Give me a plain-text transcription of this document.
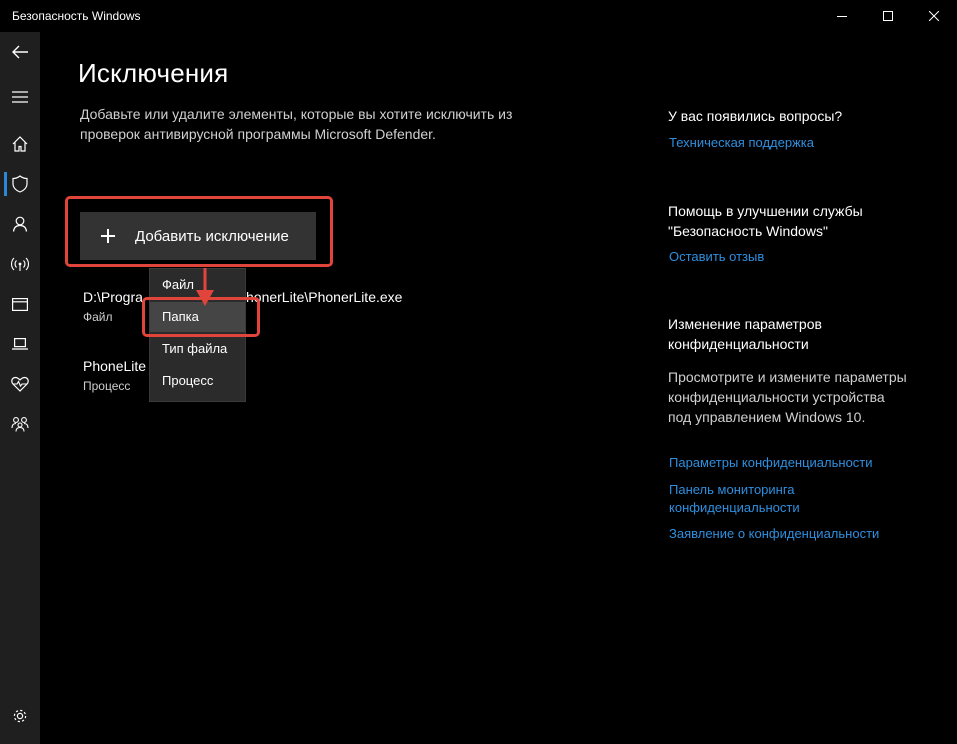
Безопасность Windows
Исключения

Добавьте или удалите элементы, которые вы хотите исключить из проверок антивирусной программы Microsoft Defender.

Добавить исключение
D:\Progra	honerLite\PhonerLite.exe
Файл
PhoneLite
Процесс
Файл
Папка
Тип файла
Процесс
У вас появились вопросы?
Техническая поддержка
Помощь в улучшении службы "Безопасность Windows"
Оставить отзыв
Изменение параметров конфиденциальности
Просмотрите и измените параметры конфиденциальности устройства под управлением Windows 10.
Параметры конфиденциальности
Панель мониторинга конфиденциальности
Заявление о конфиденциальности
